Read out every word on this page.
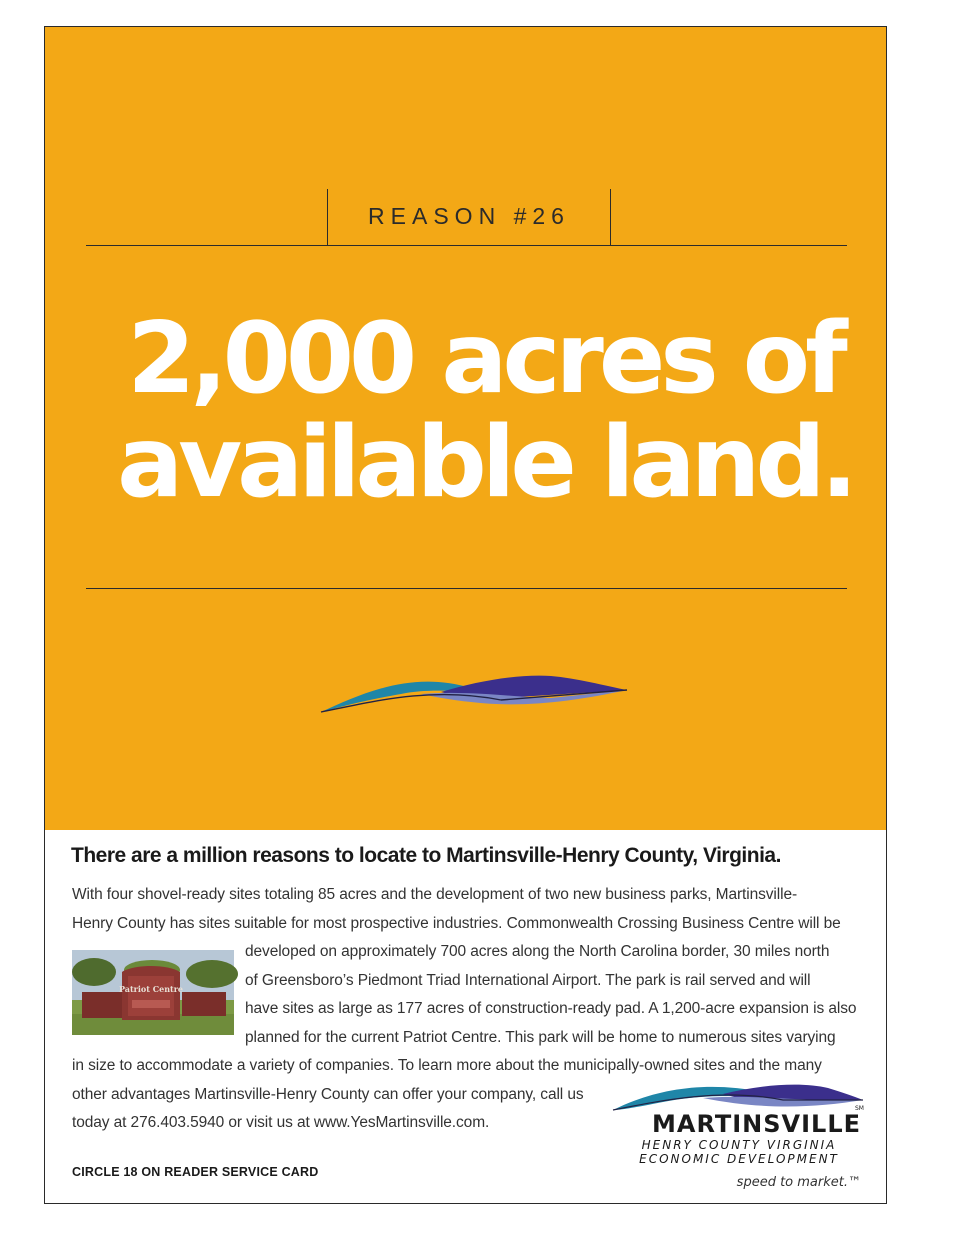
REASON #26
2,000 acres of
available land.
There are a million reasons to locate to Martinsville-Henry County, Virginia.
With four shovel-ready sites totaling 85 acres and the development of two new business parks, Martinsville-
Henry County has sites suitable for most prospective industries. Commonwealth Crossing Business Centre will be
developed on approximately 700 acres along the North Carolina border, 30 miles north
of Greensboro’s Piedmont Triad International Airport. The park is rail served and will
have sites as large as 177 acres of construction-ready pad. A 1,200-acre expansion is also
planned for the current Patriot Centre. This park will be home to numerous sites varying
in size to accommodate a variety of companies. To learn more about the municipally-owned sites and the many
other advantages Martinsville-Henry County can offer your company, call us
today at 276.403.5940 or visit us at www.YesMartinsville.com.
Patriot Centre
CIRCLE 18 ON READER SERVICE CARD
SM
MARTINSVILLE
HENRY COUNTY VIRGINIA
ECONOMIC DEVELOPMENT
speed to market.™
